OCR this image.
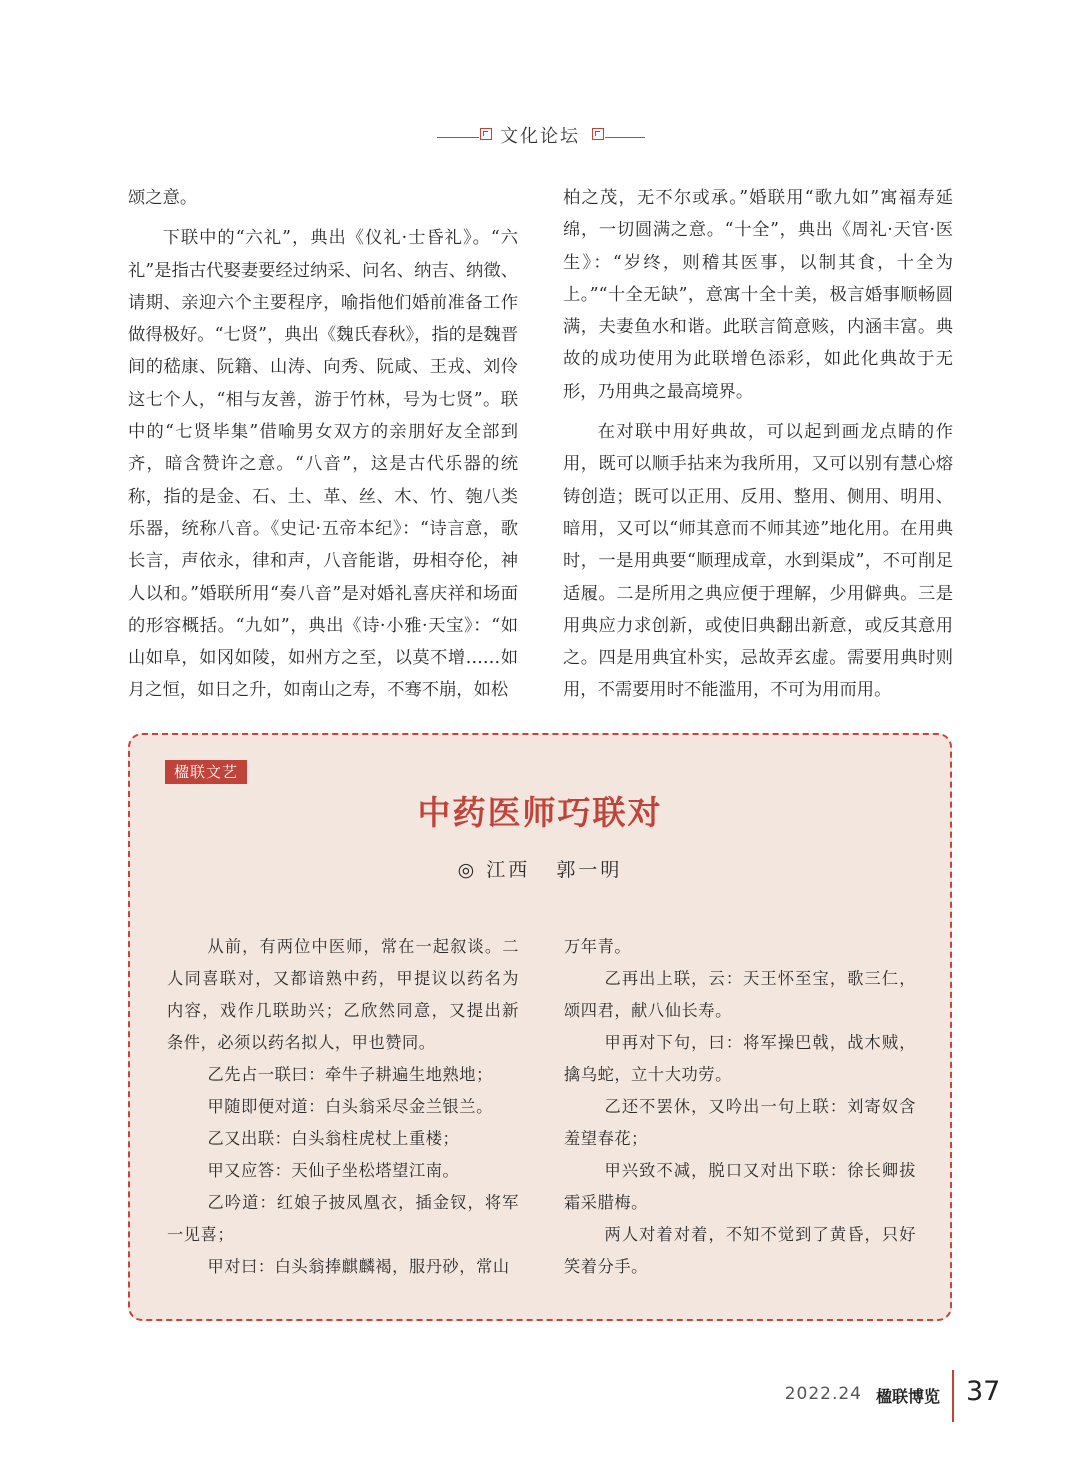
文化论坛

颂之意。

下联中的“六礼”，典出《仪礼·士昏礼》。“六礼”是指古代娶妻要经过纳采、问名、纳吉、纳徵、请期、亲迎六个主要程序，喻指他们婚前准备工作做得极好。“七贤”，典出《魏氏春秋》，指的是魏晋间的嵇康、阮籍、山涛、向秀、阮咸、王戎、刘伶这七个人，“相与友善，游于竹林，号为七贤”。联中的“七贤毕集”借喻男女双方的亲朋好友全部到齐，暗含赞许之意。“八音”，这是古代乐器的统称，指的是金、石、土、革、丝、木、竹、匏八类乐器，统称八音。《史记·五帝本纪》：“诗言意，歌长言，声依永，律和声，八音能谐，毋相夺伦，神人以和。”婚联所用“奏八音”是对婚礼喜庆祥和场面的形容概括。“九如”，典出《诗·小雅·天宝》：“如山如阜，如冈如陵，如州方之至，以莫不增……如月之恒，如日之升，如南山之寿，不骞不崩，如松

柏之茂，无不尔或承。”婚联用“歌九如”寓福寿延绵，一切圆满之意。“十全”，典出《周礼·天官·医生》：“岁终，则稽其医事，以制其食，十全为上。”“十全无缺”，意寓十全十美，极言婚事顺畅圆满，夫妻鱼水和谐。此联言简意赅，内涵丰富。典故的成功使用为此联增色添彩，如此化典故于无形，乃用典之最高境界。

在对联中用好典故，可以起到画龙点睛的作用，既可以顺手拈来为我所用，又可以别有慧心熔铸创造；既可以正用、反用、整用、侧用、明用、暗用，又可以“师其意而不师其迹”地化用。在用典时，一是用典要“顺理成章，水到渠成”，不可削足适履。二是所用之典应便于理解，少用僻典。三是用典应力求创新，或使旧典翻出新意，或反其意用之。四是用典宜朴实，忌故弄玄虚。需要用典时则用，不需要用时不能滥用，不可为用而用。

楹联文艺
中药医师巧联对
◎ 江西 郭一明

从前，有两位中医师，常在一起叙谈。二人同喜联对，又都谙熟中药，甲提议以药名为内容，戏作几联助兴；乙欣然同意，又提出新条件，必须以药名拟人，甲也赞同。

乙先占一联曰：牵牛子耕遍生地熟地；

甲随即便对道：白头翁采尽金兰银兰。

乙又出联：白头翁柱虎杖上重楼；

甲又应答：天仙子坐松塔望江南。

乙吟道：红娘子披凤凰衣，插金钗，将军一见喜；

甲对曰：白头翁捧麒麟褐，服丹砂，常山

万年青。

乙再出上联，云：天王怀至宝，歌三仁，颂四君，献八仙长寿。

甲再对下句，曰：将军操巴戟，战木贼，擒乌蛇，立十大功劳。

乙还不罢休，又吟出一句上联：刘寄奴含羞望春花；

甲兴致不减，脱口又对出下联：徐长卿拔霜采腊梅。

两人对着对着，不知不觉到了黄昏，只好笑着分手。

2022.24 楹联博览 37
